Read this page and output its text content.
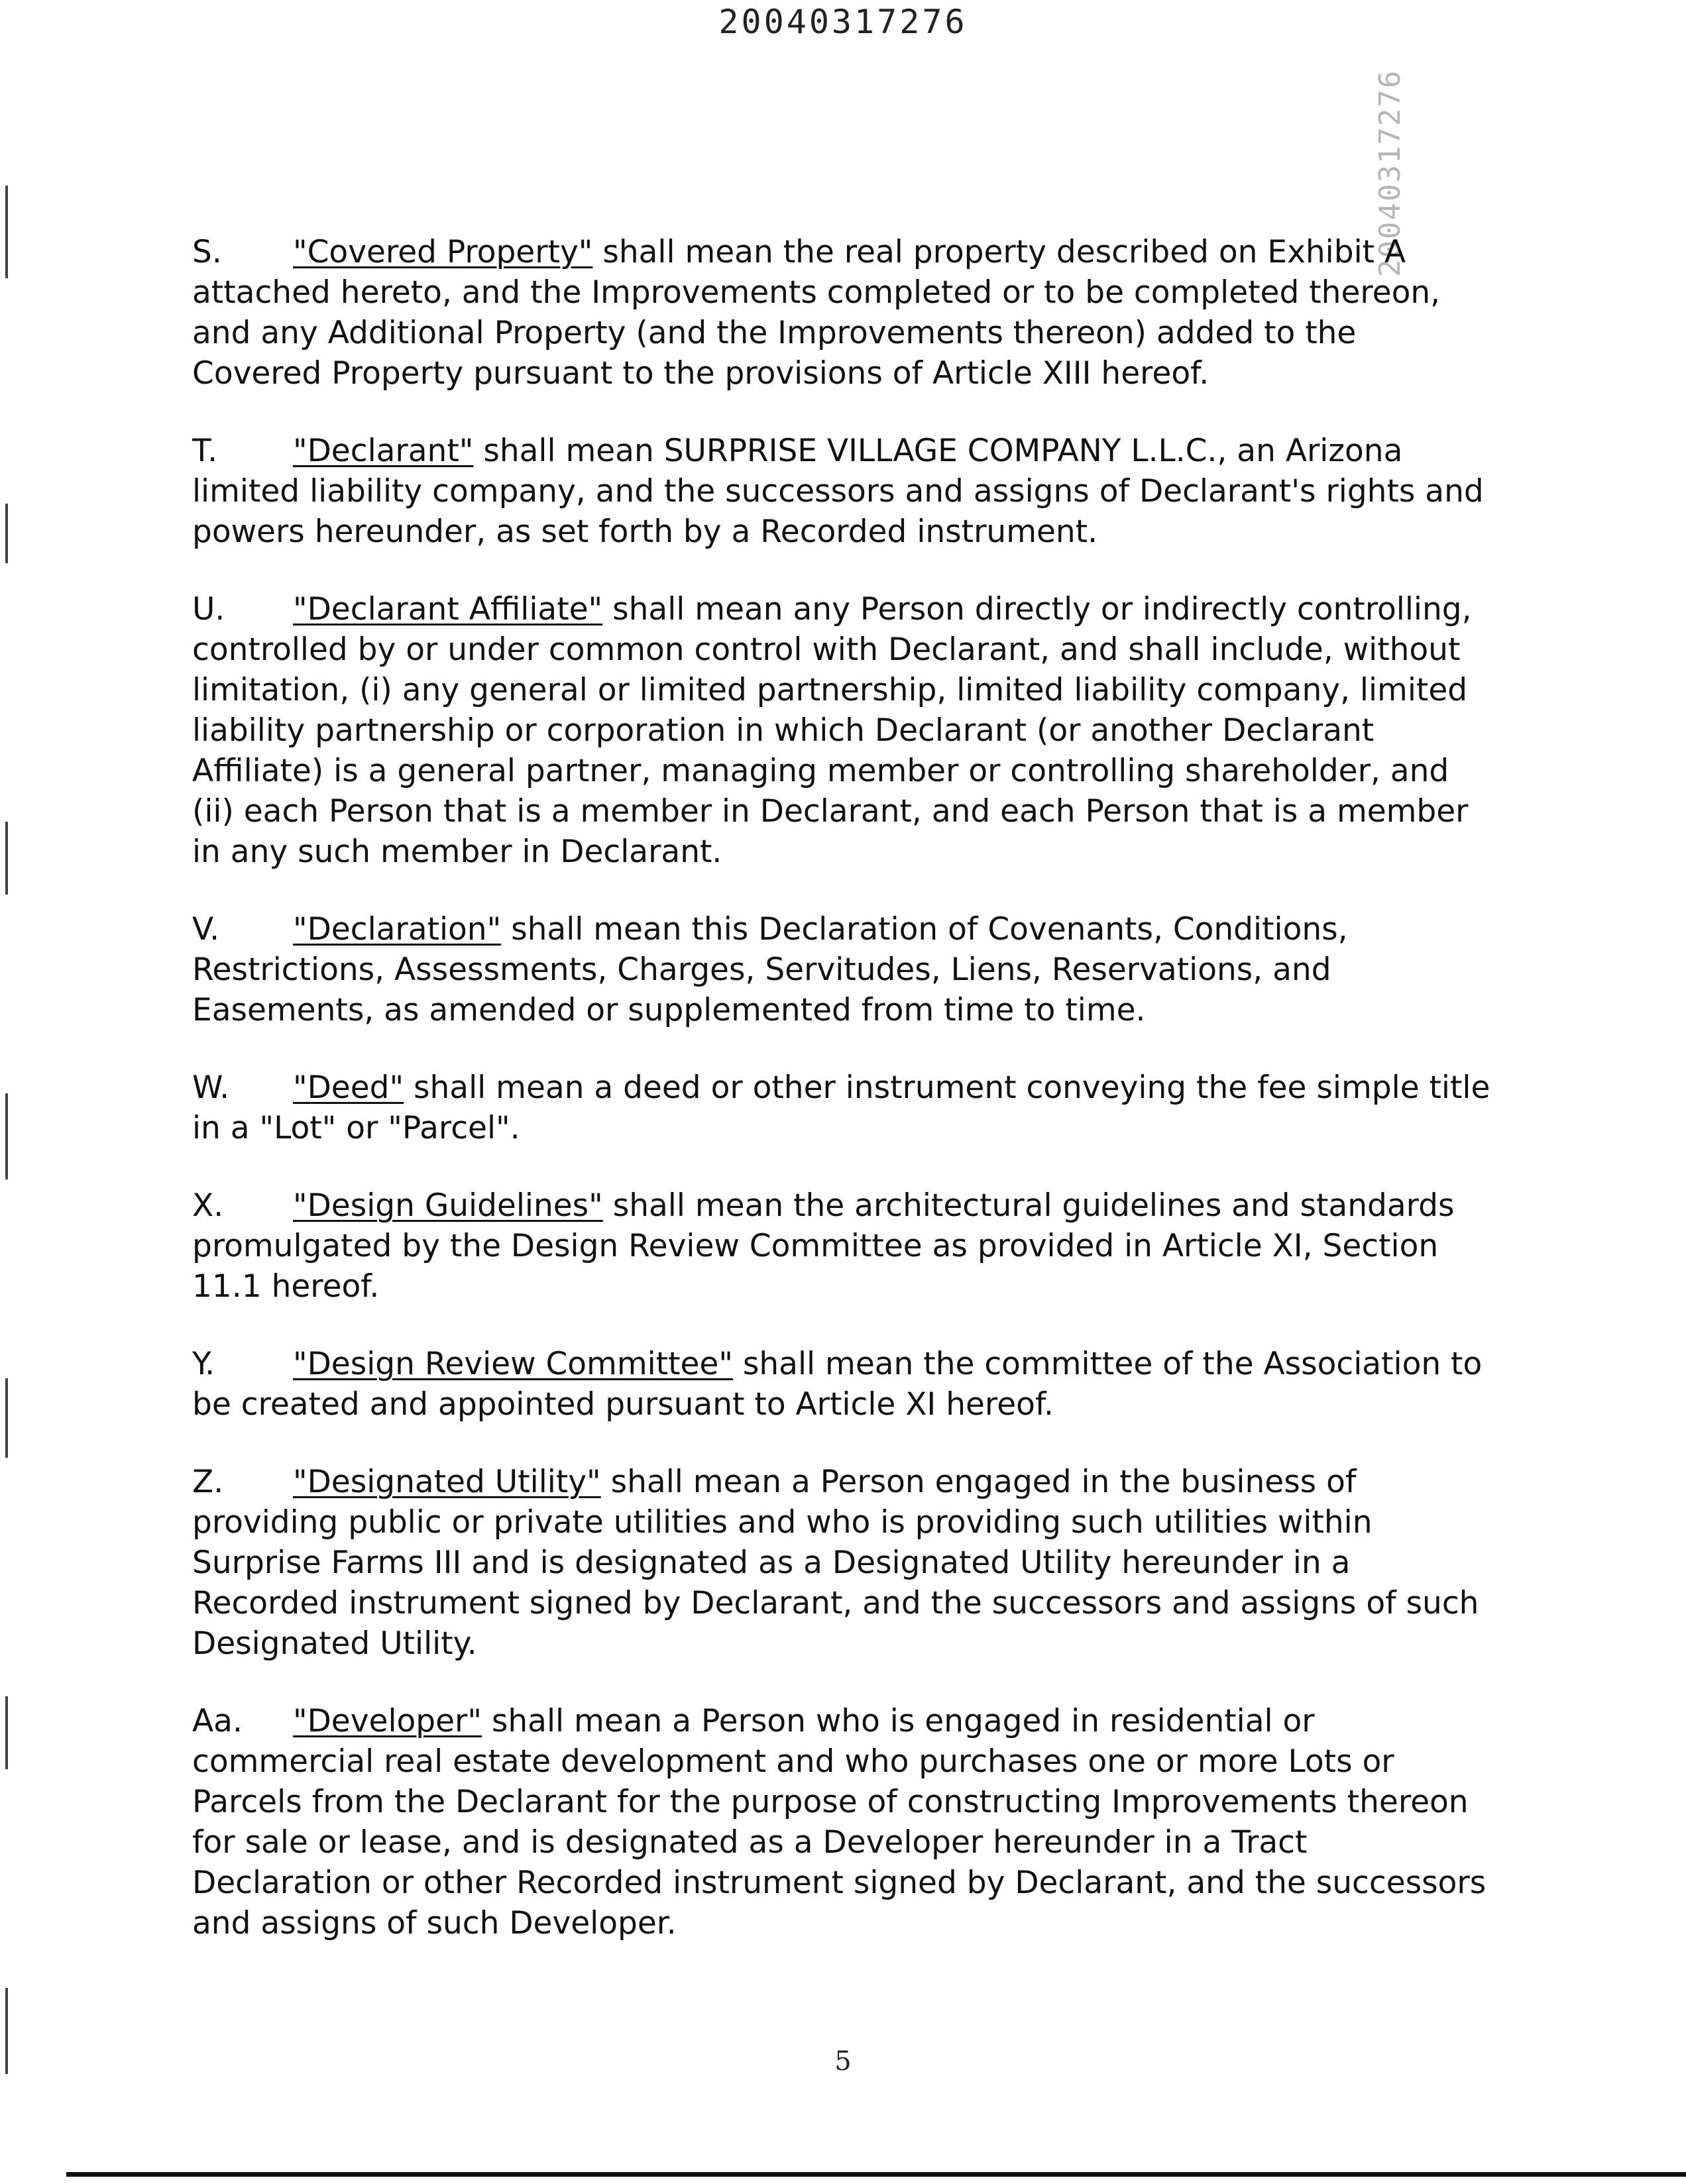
20040317276
20040317276

S. "Covered Property" shall mean the real property described on Exhibit A attached hereto, and the Improvements completed or to be completed thereon, and any Additional Property (and the Improvements thereon) added to the Covered Property pursuant to the provisions of Article XIII hereof.

T. "Declarant" shall mean SURPRISE VILLAGE COMPANY L.L.C., an Arizona limited liability company, and the successors and assigns of Declarant's rights and powers hereunder, as set forth by a Recorded instrument.

U. "Declarant Affiliate" shall mean any Person directly or indirectly controlling, controlled by or under common control with Declarant, and shall include, without limitation, (i) any general or limited partnership, limited liability company, limited liability partnership or corporation in which Declarant (or another Declarant Affiliate) is a general partner, managing member or controlling shareholder, and (ii) each Person that is a member in Declarant, and each Person that is a member in any such member in Declarant.

V. "Declaration" shall mean this Declaration of Covenants, Conditions, Restrictions, Assessments, Charges, Servitudes, Liens, Reservations, and Easements, as amended or supplemented from time to time.

W. "Deed" shall mean a deed or other instrument conveying the fee simple title in a "Lot" or "Parcel".

X. "Design Guidelines" shall mean the architectural guidelines and standards promulgated by the Design Review Committee as provided in Article XI, Section 11.1 hereof.

Y.	"Design Review Committee" shall mean the committee of the Association to be created and appointed pursuant to Article XI hereof.

Z. "Designated Utility" shall mean a Person engaged in the business of providing public or private utilities and who is providing such utilities within Surprise Farms III and is designated as a Designated Utility hereunder in a Recorded instrument signed by Declarant, and the successors and assigns of such Designated Utility.

Aa. "Developer" shall mean a Person who is engaged in residential or commercial real estate development and who purchases one or more Lots or Parcels from the Declarant for the purpose of constructing Improvements thereon for sale or lease, and is designated as a Developer hereunder in a Tract Declaration or other Recorded instrument signed by Declarant, and the successors and assigns of such Developer.

5
